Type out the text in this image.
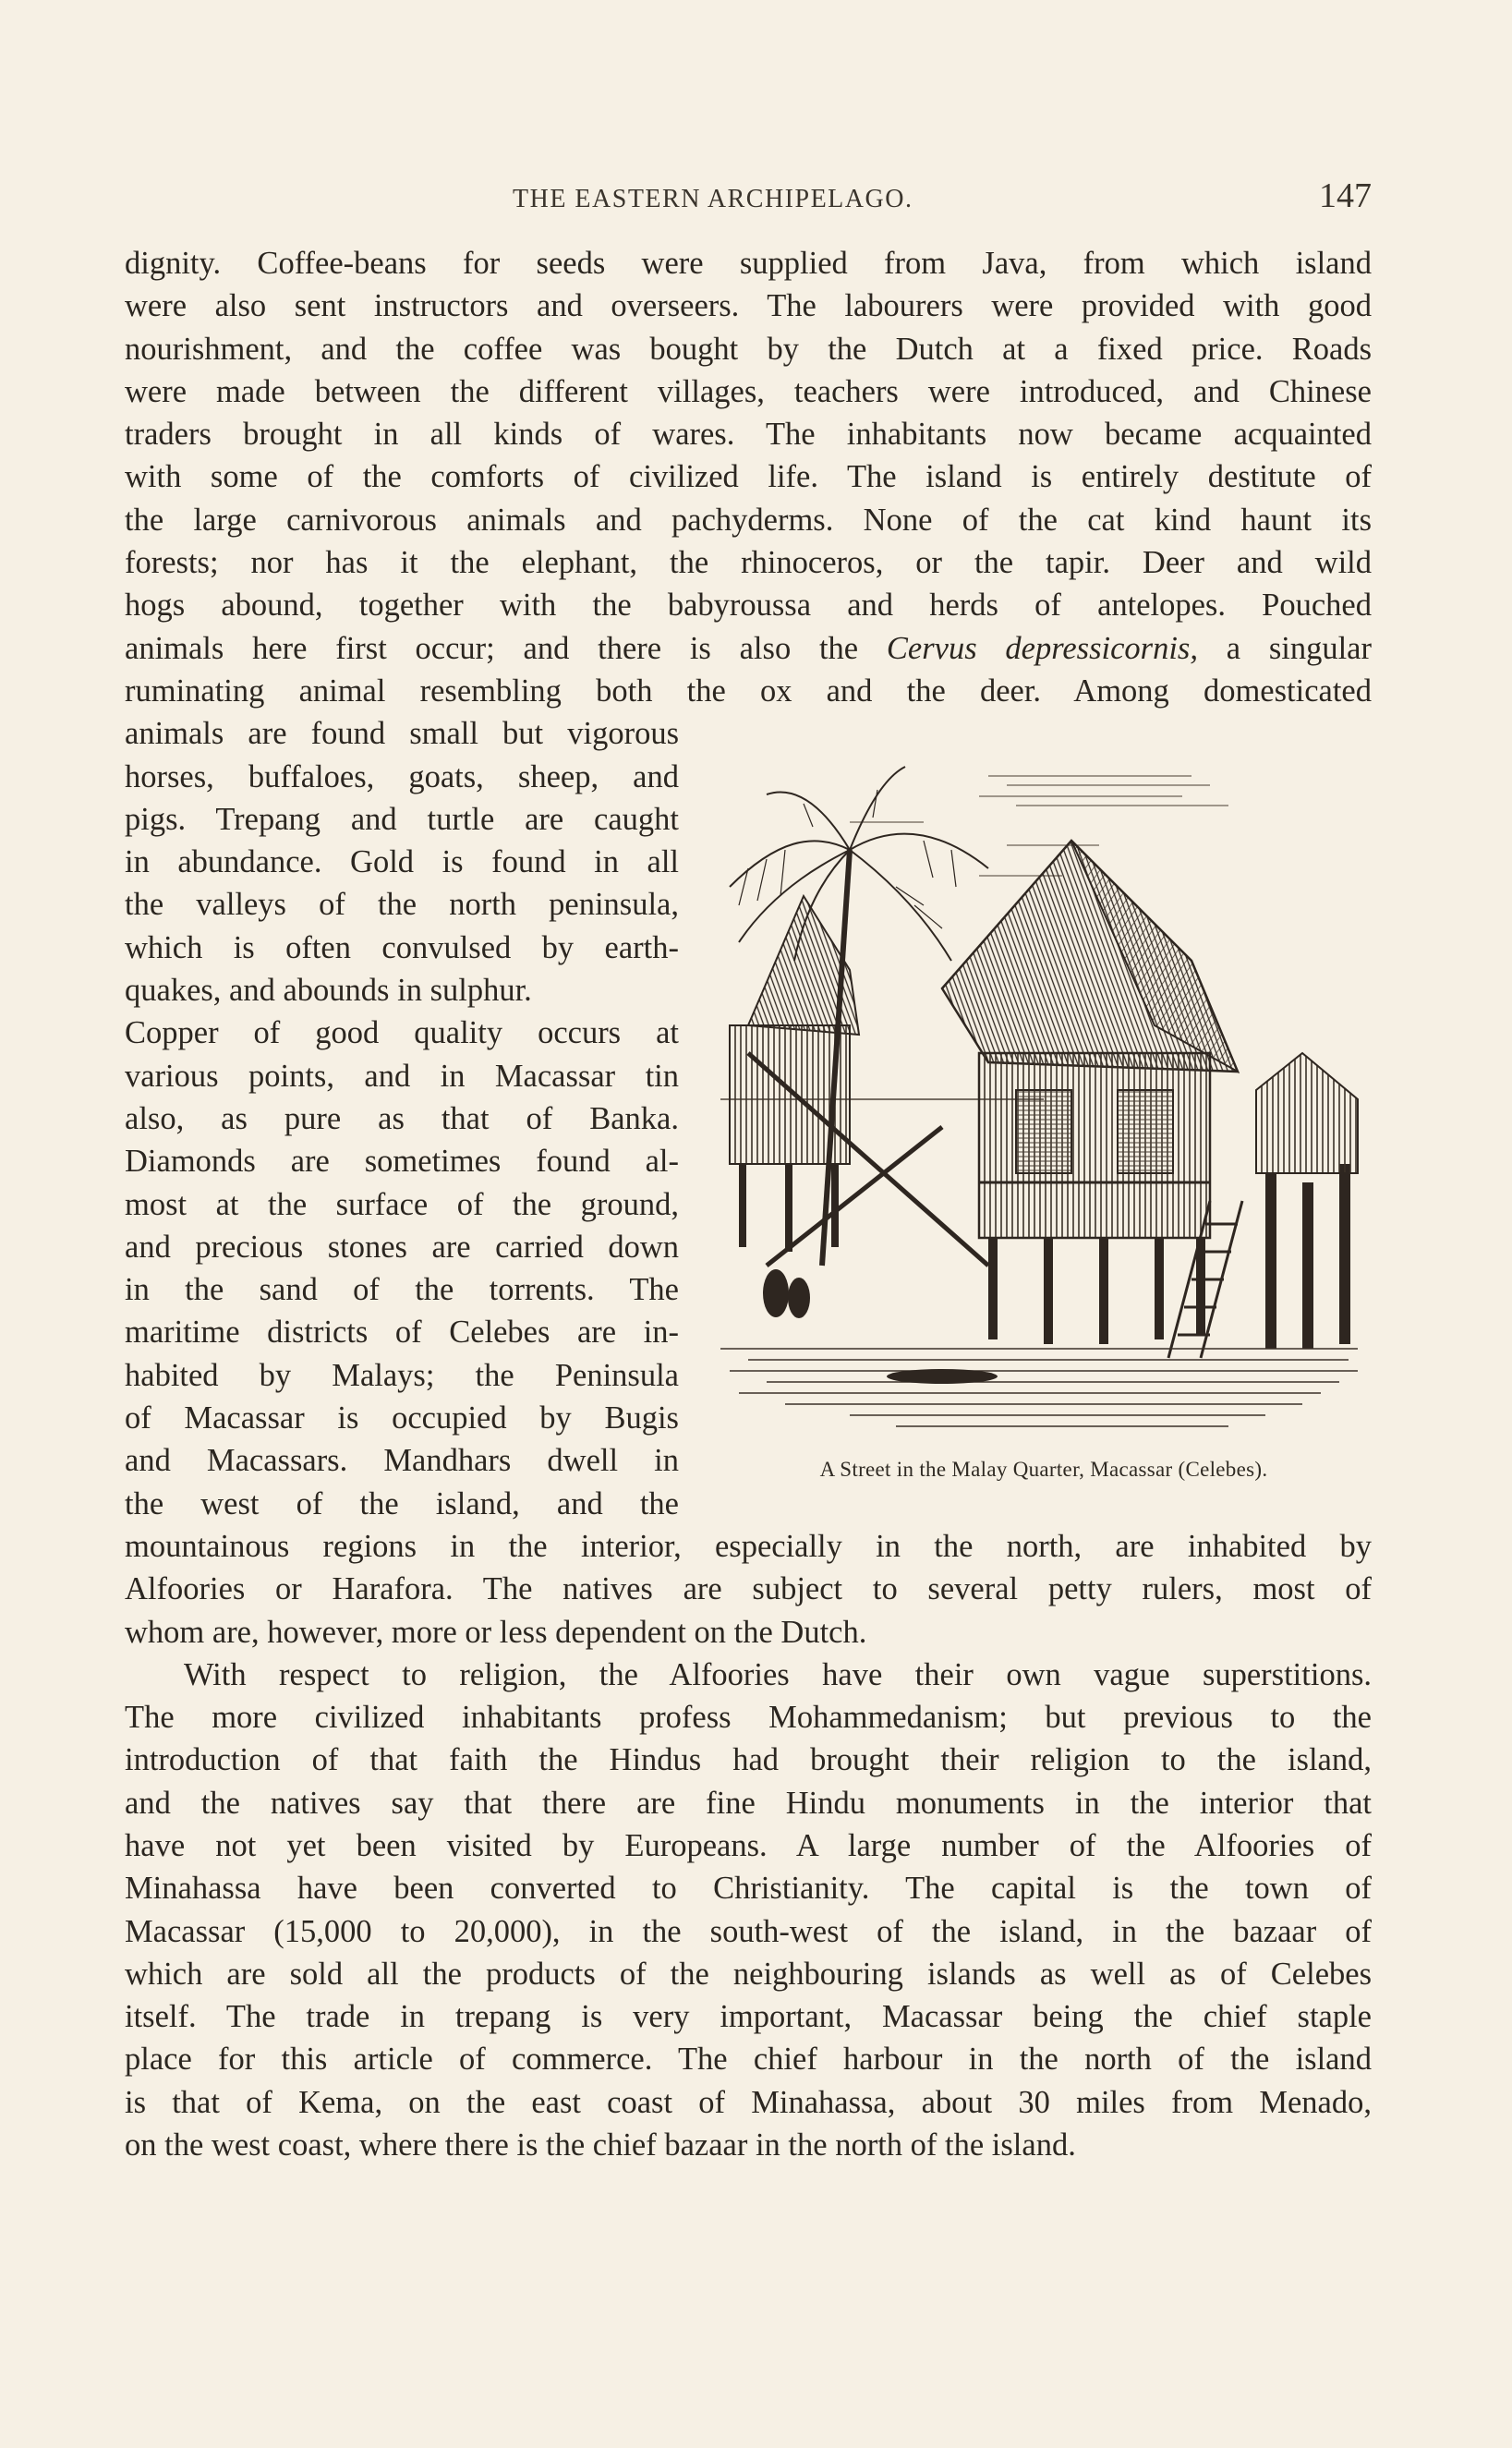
THE EASTERN ARCHIPELAGO.	147
dignity. Coffee-beans for seeds were supplied from Java, from which island
were also sent instructors and overseers. The labourers were provided with good
nourishment, and the coffee was bought by the Dutch at a fixed price. Roads
were made between the different villages, teachers were introduced, and Chinese
traders brought in all kinds of wares. The inhabitants now became acquainted
with some of the comforts of civilized life. The island is entirely destitute of
the large carnivorous animals and pachyderms. None of the cat kind haunt its
forests; nor has it the elephant, the rhinoceros, or the tapir. Deer and wild
hogs abound, together with the babyroussa and herds of antelopes. Pouched
animals here first occur; and there is also the Cervus depressicornis, a singular
ruminating animal resembling both the ox and the deer. Among domesticated
animals are found small but vigorous
horses, buffaloes, goats, sheep, and
pigs. Trepang and turtle are caught
in abundance. Gold is found in all
the valleys of the north peninsula,
which is often convulsed by earth-
quakes, and abounds in sulphur.
Copper of good quality occurs at
various points, and in Macassar tin
also, as pure as that of Banka.
Diamonds are sometimes found al-
most at the surface of the ground,
and precious stones are carried down
in the sand of the torrents. The
maritime districts of Celebes are in-
habited by Malays; the Peninsula
of Macassar is occupied by Bugis
and Macassars. Mandhars dwell in
the west of the island, and the
mountainous regions in the interior, especially in the north, are inhabited by
Alfoories or Harafora. The natives are subject to several petty rulers, most of
whom are, however, more or less dependent on the Dutch.
With respect to religion, the Alfoories have their own vague superstitions.
The more civilized inhabitants profess Mohammedanism; but previous to the
introduction of that faith the Hindus had brought their religion to the island,
and the natives say that there are fine Hindu monuments in the interior that
have not yet been visited by Europeans. A large number of the Alfoories of
Minahassa have been converted to Christianity. The capital is the town of
Macassar (15,000 to 20,000), in the south-west of the island, in the bazaar of
which are sold all the products of the neighbouring islands as well as of Celebes
itself. The trade in trepang is very important, Macassar being the chief staple
place for this article of commerce. The chief harbour in the north of the island
is that of Kema, on the east coast of Minahassa, about 30 miles from Menado,
on the west coast, where there is the chief bazaar in the north of the island.
A Street in the Malay Quarter, Macassar (Celebes).
